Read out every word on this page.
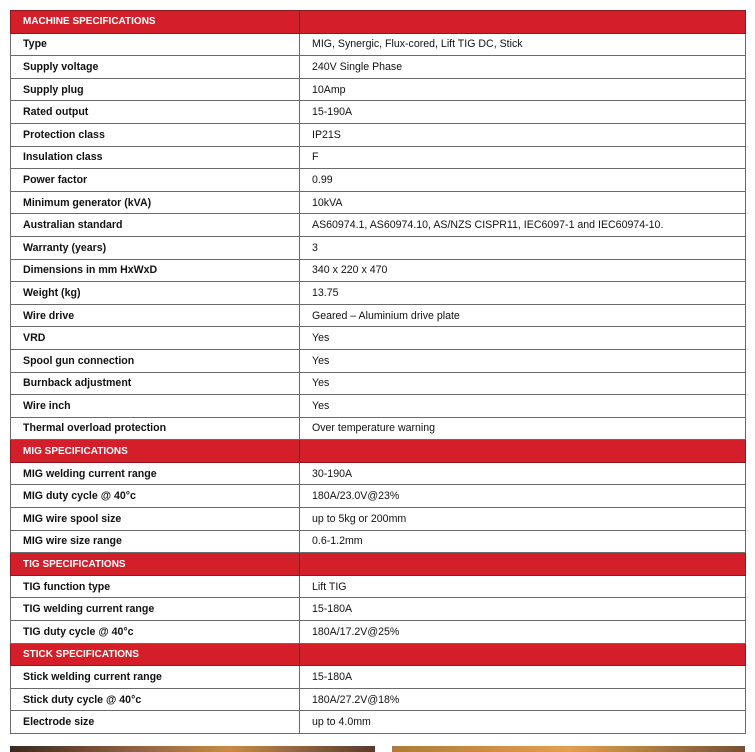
MACHINE SPECIFICATIONS	
Type	MIG, Synergic, Flux-cored, Lift TIG DC, Stick
Supply voltage	240V Single Phase
Supply plug	10Amp
Rated output	15-190A
Protection class	IP21S
Insulation class	F
Power factor	0.99
Minimum generator (kVA)	10kVA
Australian standard	AS60974.1, AS60974.10, AS/NZS CISPR11, IEC6097-1 and IEC60974-10.
Warranty (years)	3
Dimensions in mm HxWxD	340 x 220 x 470
Weight (kg)	13.75
Wire drive	Geared – Aluminium drive plate
VRD	Yes
Spool gun connection	Yes
Burnback adjustment	Yes
Wire inch	Yes
Thermal overload protection	Over temperature warning
MIG SPECIFICATIONS	
MIG welding current range	30-190A
MIG duty cycle @ 40°c	180A/23.0V@23%
MIG wire spool size	up to 5kg or 200mm
MIG wire size range	0.6-1.2mm
TIG SPECIFICATIONS	
TIG function type	Lift TIG
TIG welding current range	15-180A
TIG duty cycle @ 40°c	180A/17.2V@25%
STICK SPECIFICATIONS	
Stick welding current range	15-180A
Stick duty cycle @ 40°c	180A/27.2V@18%
Electrode size	up to 4.0mm
